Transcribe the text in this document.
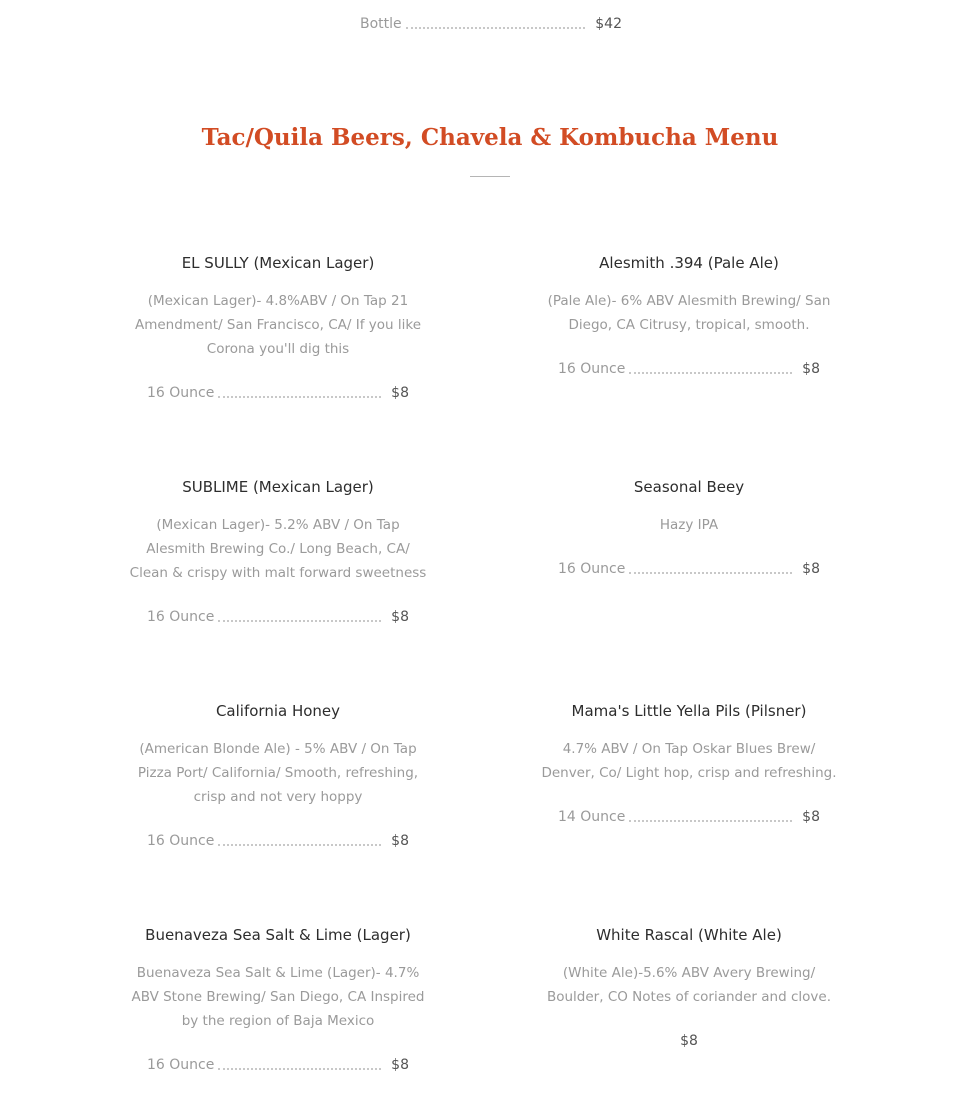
Bottle	$42
Tac/Quila Beers, Chavela & Kombucha Menu
EL SULLY (Mexican Lager)
(Mexican Lager)- 4.8%ABV / On Tap 21 Amendment/ San Francisco, CA/ If you like Corona you'll dig this
16 Ounce	$8
Alesmith .394 (Pale Ale)
(Pale Ale)- 6% ABV Alesmith Brewing/ San Diego, CA Citrusy, tropical, smooth.
16 Ounce	$8
SUBLIME (Mexican Lager)
(Mexican Lager)- 5.2% ABV / On Tap Alesmith Brewing Co./ Long Beach, CA/ Clean & crispy with malt forward sweetness
16 Ounce	$8
Seasonal Beey
Hazy IPA
16 Ounce	$8
California Honey
(American Blonde Ale) - 5% ABV / On Tap Pizza Port/ California/ Smooth, refreshing, crisp and not very hoppy
16 Ounce	$8
Mama's Little Yella Pils (Pilsner)
4.7% ABV / On Tap Oskar Blues Brew/ Denver, Co/ Light hop, crisp and refreshing.
14 Ounce	$8
Buenaveza Sea Salt & Lime (Lager)
Buenaveza Sea Salt & Lime (Lager)- 4.7% ABV Stone Brewing/ San Diego, CA Inspired by the region of Baja Mexico
16 Ounce	$8
White Rascal (White Ale)
(White Ale)-5.6% ABV Avery Brewing/ Boulder, CO Notes of coriander and clove.
$8
